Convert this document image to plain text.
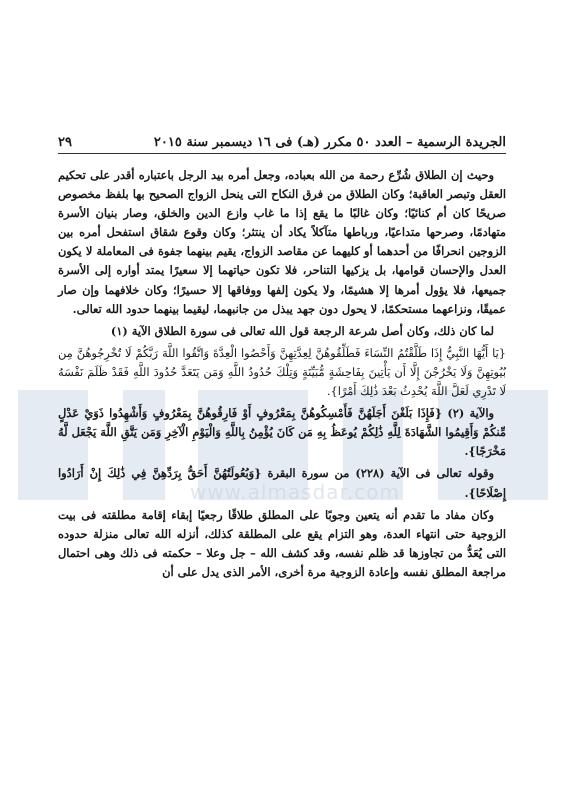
www.almasdar.com
الجريدة الرسمية – العدد ٥٠ مكرر (هـ) فى ١٦ ديسمبر سنة ٢٠١٥
٢٩

وحيث إن الطلاق شُرِّع رحمة من الله بعباده، وجعل أمره بيد الرجل باعتباره أقدر على تحكيم العقل وتبصر العاقبة؛ وكان الطلاق من فرق النكاح التى ينحل الزواج الصحيح بها بلفظ مخصوص صريحًا كان أم كنائيًا؛ وكان غالبًا ما يقع إذا ما غاب وازع الدين والخلق، وصار بنيان الأسرة متهادمًا، وصرحها متداعيًا، ورباطها متآكلاً يكاد أن ينتثر؛ وكان وقوع شقاق استفحل أمره بين الزوجين انحرافًا من أحدهما أو كليهما عن مقاصد الزواج، يقيم بينهما جفوة فى المعاملة لا يكون العدل والإحسان قوامها، بل يزكيها التناحر، فلا تكون حياتهما إلا سعيرًا يمتد أواره إلى الأسرة جميعها، فلا يؤول أمرها إلا هشيمًا، ولا يكون إلفها ووفاقها إلا حسيرًا؛ وكان خلافهما وإن صار عميقًا، ونزاعهما مستحكمًا، لا يحول دون جهد يبذل من جانبهما، ليقيما بينهما حدود الله تعالى.

لما كان ذلك، وكان أصل شرعة الرجعة قول الله تعالى فى سورة الطلاق الآية (١)

{يَا أَيُّهَا النَّبِيُّ إِذَا طَلَّقْتُمُ النِّسَاءَ فَطَلِّقُوهُنَّ لِعِدَّتِهِنَّ وَأَحْصُوا الْعِدَّةَ وَاتَّقُوا اللَّهَ رَبَّكُمْ لَا تُخْرِجُوهُنَّ مِن بُيُوتِهِنَّ وَلَا يَخْرُجْنَ إِلَّا أَن يَأْتِينَ بِفَاحِشَةٍ مُّبَيِّنَةٍ وَتِلْكَ حُدُودُ اللَّهِ وَمَن يَتَعَدَّ حُدُودَ اللَّهِ فَقَدْ ظَلَمَ نَفْسَهُ لَا تَدْرِي لَعَلَّ اللَّهَ يُحْدِثُ بَعْدَ ذَٰلِكَ أَمْرًا}.

والآية (٢) {فَإِذَا بَلَغْنَ أَجَلَهُنَّ فَأَمْسِكُوهُنَّ بِمَعْرُوفٍ أَوْ فَارِقُوهُنَّ بِمَعْرُوفٍ وَأَشْهِدُوا ذَوَيْ عَدْلٍ مِّنكُمْ وَأَقِيمُوا الشَّهَادَةَ لِلَّهِ ذَٰلِكُمْ يُوعَظُ بِهِ مَن كَانَ يُؤْمِنُ بِاللَّهِ وَالْيَوْمِ الْآخِرِ وَمَن يَتَّقِ اللَّهَ يَجْعَل لَّهُ مَخْرَجًا}.

وقوله تعالى فى الآية (٢٢٨) من سورة البقرة {وَبُعُولَتُهُنَّ أَحَقُّ بِرَدِّهِنَّ فِي ذَٰلِكَ إِنْ أَرَادُوا إِصْلَاحًا}.

وكان مفاد ما تقدم أنه يتعين وجوبًا على المطلق طلاقًا رجعيًا إبقاء إقامة مطلقته فى بيت الزوجية حتى انتهاء العدة، وهو التزام يقع على المطلقة كذلك، أنزله الله تعالى منزلة حدوده التى يُعَدُّ من تجاوزها قد ظلم نفسه، وقد كشف الله – جل وعلا – حكمته فى ذلك وهى احتمال مراجعة المطلق نفسه وإعادة الزوجية مرة أخرى، الأمر الذى يدل على أن
